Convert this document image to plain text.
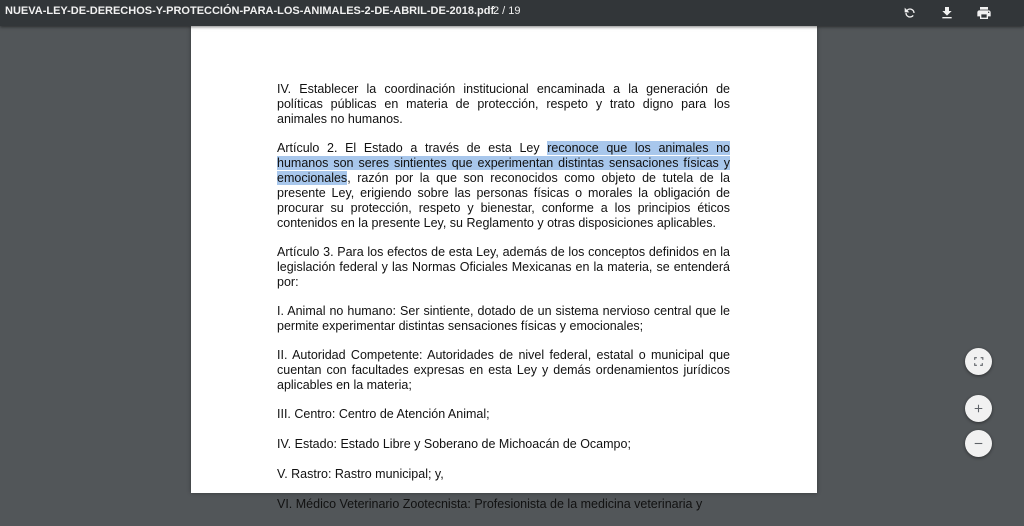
NUEVA-LEY-DE-DERECHOS-Y-PROTECCIÓN-PARA-LOS-ANIMALES-2-DE-ABRIL-DE-2018.pdf
2 / 19

IV. Establecer la coordinación institucional encaminada a la generación de políticas públicas en materia de protección, respeto y trato digno para los animales no humanos.

Artículo 2. El Estado a través de esta Ley reconoce que los animales no humanos son seres sintientes que experimentan distintas sensaciones físicas y emocionales, razón por la que son reconocidos como objeto de tutela de la presente Ley, erigiendo sobre las personas físicas o morales la obligación de procurar su protección, respeto y bienestar, conforme a los principios éticos contenidos en la presente Ley, su Reglamento y otras disposiciones aplicables.

Artículo 3. Para los efectos de esta Ley, además de los conceptos definidos en la legislación federal y las Normas Oficiales Mexicanas en la materia, se entenderá por:

I. Animal no humano: Ser sintiente, dotado de un sistema nervioso central que le permite experimentar distintas sensaciones físicas y emocionales;

II. Autoridad Competente: Autoridades de nivel federal, estatal o municipal que cuentan con facultades expresas en esta Ley y demás ordenamientos jurídicos aplicables en la materia;

III. Centro: Centro de Atención Animal;

IV. Estado: Estado Libre y Soberano de Michoacán de Ocampo;

V. Rastro: Rastro municipal; y,

VI. Médico Veterinario Zootecnista: Profesionista de la medicina veterinaria y
